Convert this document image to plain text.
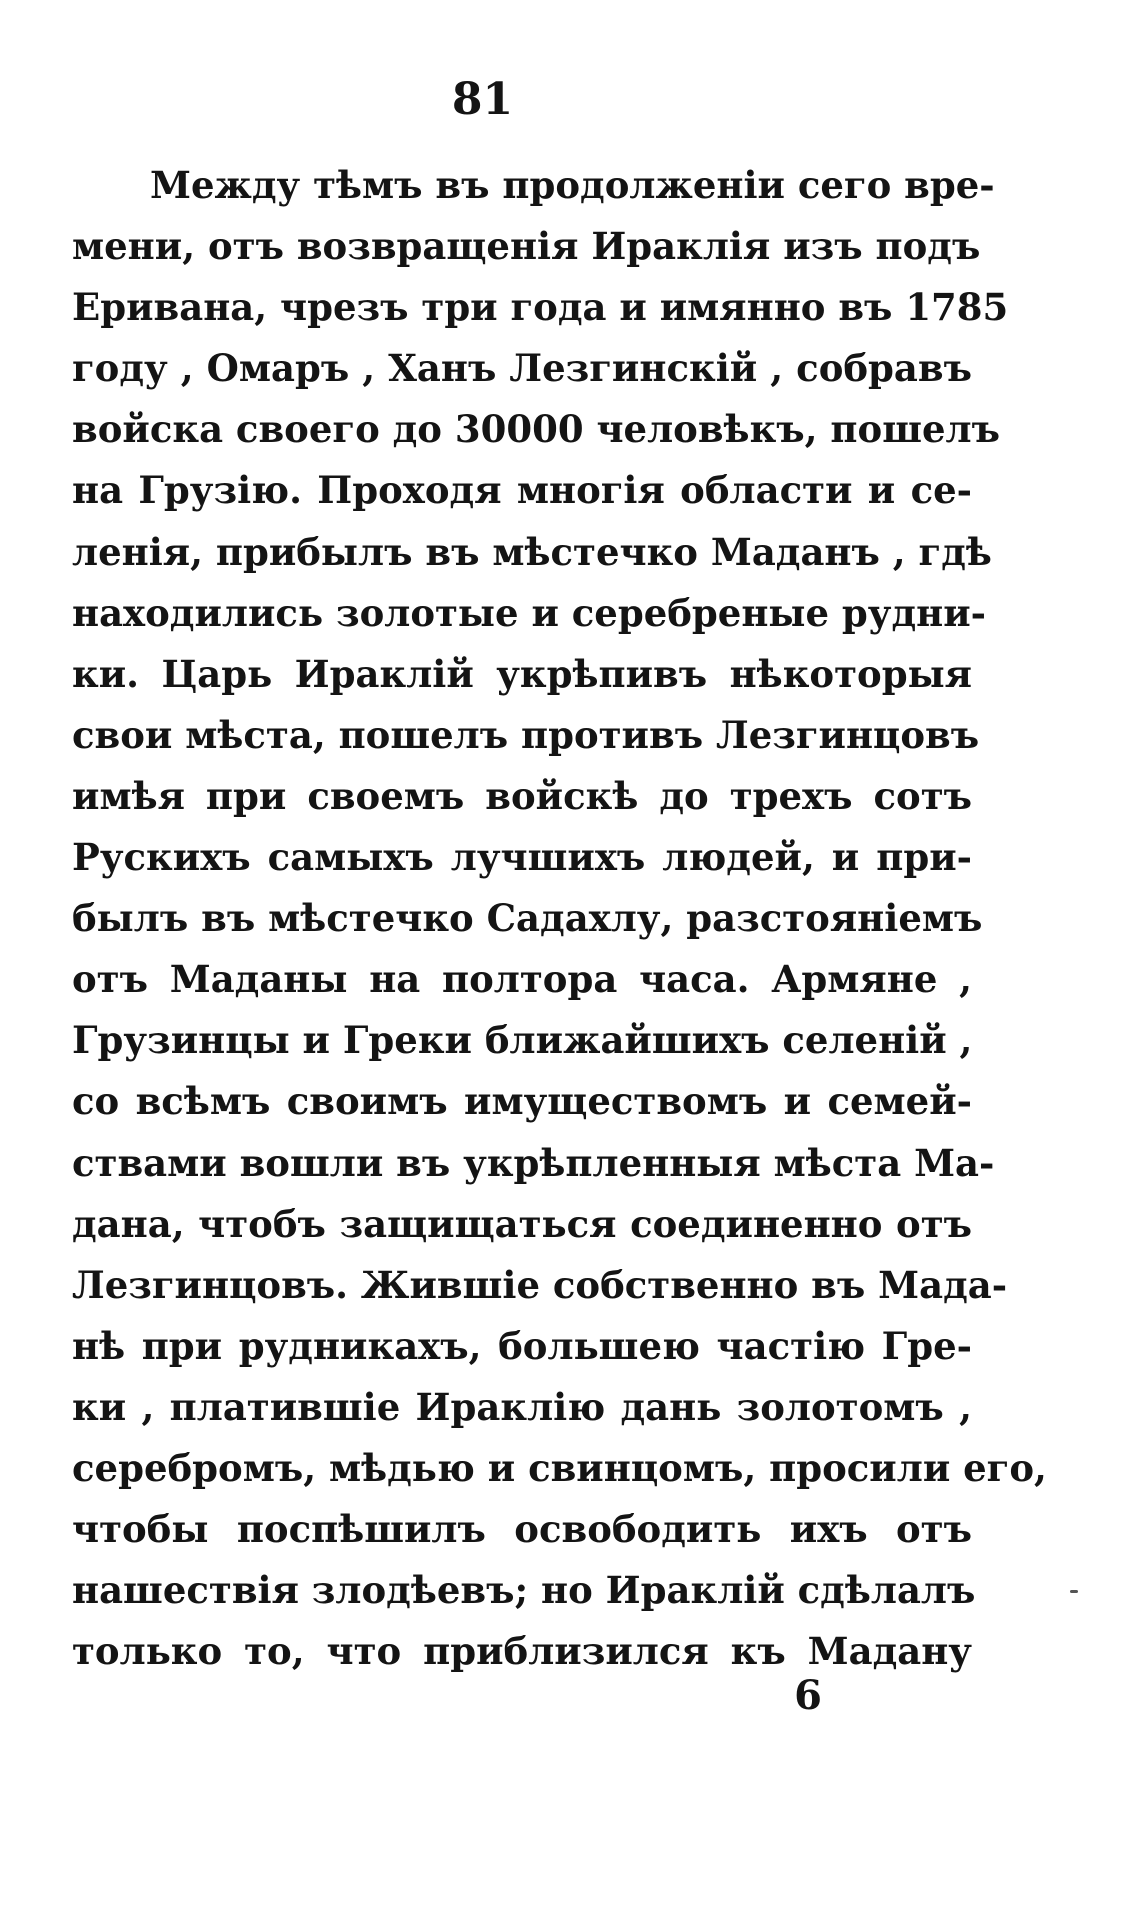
81
Между тѣмъ въ продолженіи сего вре-
мени, отъ возвращенія Ираклія изъ подъ
Еривана, чрезъ три года и имянно въ 1785
году , Омаръ , Ханъ Лезгинскій , собравъ
войска своего до 30000 человѣкъ, пошелъ
на Грузію. Проходя многія области и се-
ленія, прибылъ въ мѣстечко Маданъ , гдѣ
находились золотые и серебреные рудни-
ки. Царь Ираклій укрѣпивъ нѣкоторыя
свои мѣста, пошелъ противъ Лезгинцовъ
имѣя при своемъ войскѣ до трехъ сотъ
Рускихъ самыхъ лучшихъ людей, и при-
былъ въ мѣстечко Садахлу, разстояніемъ
отъ Маданы на полтора часа. Армяне ,
Грузинцы и Греки ближайшихъ селеній ,
со всѣмъ своимъ имуществомъ и семей-
ствами вошли въ укрѣпленныя мѣста Ма-
дана, чтобъ защищаться соединенно отъ
Лезгинцовъ. Жившіе собственно въ Мада-
нѣ при рудникахъ, большею частію Гре-
ки , платившіе Ираклію дань золотомъ ,
серебромъ, мѣдью и свинцомъ, просили его,
чтобы поспѣшилъ освободить ихъ отъ
нашествія злодѣевъ; но Ираклій сдѣлалъ
только то, что приблизился къ Мадану
6
